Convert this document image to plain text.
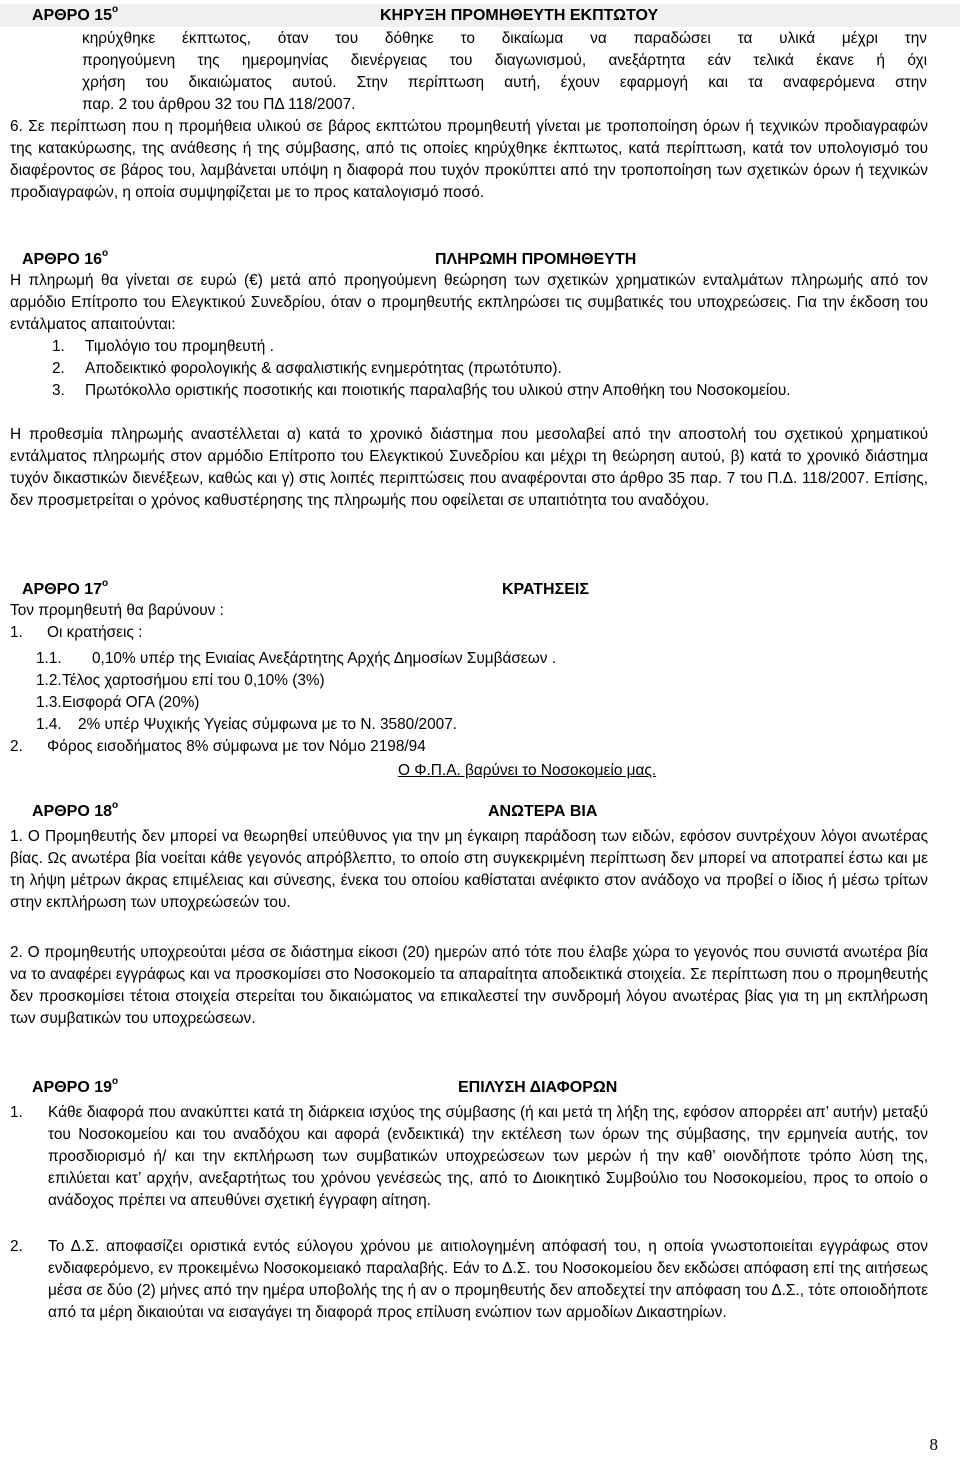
ΑΡΘΡΟ $15^o$	ΚΗΡΥΞΗ ΠΡΟΜΗΘΕΥΤΗ ΕΚΠΤΩΤΟΥ

κηρύχθηκε έκπτωτος, όταν του δόθηκε το δικαίωμα να παραδώσει τα υλικά μέχρι την

προηγούμενη της ημερομηνίας διενέργειας του διαγωνισμού, ανεξάρτητα εάν τελικά έκανε ή όχι

χρήση του δικαιώματος αυτού. Στην περίπτωση αυτή, έχουν εφαρμογή και τα αναφερόμενα στην

παρ. 2 του άρθρου 32 του ΠΔ 118/2007.

6. Σε περίπτωση που η προμήθεια υλικού σε βάρος εκπτώτου προμηθευτή γίνεται με τροποποίηση όρων ή τεχνικών προδιαγραφών της κατακύρωσης, της ανάθεσης ή της σύμβασης, από τις οποίες κηρύχθηκε έκπτωτος, κατά περίπτωση, κατά τον υπολογισμό του διαφέροντος σε βάρος του, λαμβάνεται υπόψη η διαφορά που τυχόν προκύπτει από την τροποποίηση των σχετικών όρων ή τεχνικών προδιαγραφών, η οποία συμψηφίζεται με το προς καταλογισμό ποσό.
ΑΡΘΡΟ $16^o$	ΠΛΗΡΩΜΗ ΠΡΟΜΗΘΕΥΤΗ
Η πληρωμή θα γίνεται σε ευρώ (€) μετά από προηγούμενη θεώρηση των σχετικών χρηματικών ενταλμάτων πληρωμής από τον αρμόδιο Επίτροπο του Ελεγκτικού Συνεδρίου, όταν ο προμηθευτής εκπληρώσει τις συμβατικές του υποχρεώσεις. Για την έκδοση του εντάλματος απαιτούνται:
1. Τιμολόγιο του προμηθευτή .
2. Αποδεικτικό φορολογικής & ασφαλιστικής ενημερότητας (πρωτότυπο).
3. Πρωτόκολλο οριστικής ποσοτικής και ποιοτικής παραλαβής του υλικού στην Αποθήκη του Νοσοκομείου.
Η προθεσμία πληρωμής αναστέλλεται α) κατά το χρονικό διάστημα που μεσολαβεί από την αποστολή του σχετικού χρηματικού εντάλματος πληρωμής στον αρμόδιο Επίτροπο του Ελεγκτικού Συνεδρίου και μέχρι τη θεώρηση αυτού, β) κατά το χρονικό διάστημα τυχόν δικαστικών διενέξεων, καθώς και γ) στις λοιπές περιπτώσεις που αναφέρονται στο άρθρο 35 παρ. 7 του Π.Δ. 118/2007. Επίσης, δεν προσμετρείται ο χρόνος καθυστέρησης της πληρωμής που οφείλεται σε υπαιτιότητα του αναδόχου.
ΑΡΘΡΟ $17^o$	ΚΡΑΤΗΣΕΙΣ
Τον προμηθευτή θα βαρύνουν :
1. Οι κρατήσεις :
1.1. 0,10% υπέρ της Ενιαίας Ανεξάρτητης Αρχής Δημοσίων Συμβάσεων .
1.2. Τέλος χαρτοσήμου επί του 0,10% (3%)
1.3. Εισφορά ΟΓΑ (20%)
1.4. 2% υπέρ Ψυχικής Υγείας σύμφωνα με το Ν. 3580/2007.
2. Φόρος εισοδήματος 8% σύμφωνα με τον Νόμο 2198/94
Ο Φ.Π.Α. βαρύνει το Νοσοκομείο μας.
ΑΡΘΡΟ $18^o$	ΑΝΩΤΕΡΑ ΒΙΑ
1. Ο Προμηθευτής δεν μπορεί να θεωρηθεί υπεύθυνος για την μη έγκαιρη παράδοση των ειδών, εφόσον συντρέχουν λόγοι ανωτέρας βίας. Ως ανωτέρα βία νοείται κάθε γεγονός απρόβλεπτο, το οποίο στη συγκεκριμένη περίπτωση δεν μπορεί να αποτραπεί έστω και με τη λήψη μέτρων άκρας επιμέλειας και σύνεσης, ένεκα του οποίου καθίσταται ανέφικτο στον ανάδοχο να προβεί ο ίδιος ή μέσω τρίτων στην εκπλήρωση των υποχρεώσεών του.
2. Ο προμηθευτής υποχρεούται μέσα σε διάστημα είκοσι (20) ημερών από τότε που έλαβε χώρα το γεγονός που συνιστά ανωτέρα βία να το αναφέρει εγγράφως και να προσκομίσει στο Νοσοκομείο τα απαραίτητα αποδεικτικά στοιχεία. Σε περίπτωση που ο προμηθευτής δεν προσκομίσει τέτοια στοιχεία στερείται του δικαιώματος να επικαλεστεί την συνδρομή λόγου ανωτέρας βίας για τη μη εκπλήρωση των συμβατικών του υποχρεώσεων.
ΑΡΘΡΟ $19^o$	ΕΠΙΛΥΣΗ ΔΙΑΦΟΡΩΝ
1. Κάθε διαφορά που ανακύπτει κατά τη διάρκεια ισχύος της σύμβασης (ή και μετά τη λήξη της, εφόσον απορρέει απ’ αυτήν) μεταξύ του Νοσοκομείου και του αναδόχου και αφορά (ενδεικτικά) την εκτέλεση των όρων της σύμβασης, την ερμηνεία αυτής, τον προσδιορισμό ή/ και την εκπλήρωση των συμβατικών υποχρεώσεων των μερών ή την καθ’ οιονδήποτε τρόπο λύση της, επιλύεται κατ’ αρχήν, ανεξαρτήτως του χρόνου γενέσεώς της, από το Διοικητικό Συμβούλιο του Νοσοκομείου, προς το οποίο ο ανάδοχος πρέπει να απευθύνει σχετική έγγραφη αίτηση.
2. Το Δ.Σ. αποφασίζει οριστικά εντός εύλογου χρόνου με αιτιολογημένη απόφασή του, η οποία γνωστοποιείται εγγράφως στον ενδιαφερόμενο, εν προκειμένω Νοσοκομειακό παραλαβής. Εάν το Δ.Σ. του Νοσοκομείου δεν εκδώσει απόφαση επί της αιτήσεως μέσα σε δύο (2) μήνες από την ημέρα υποβολής της ή αν ο προμηθευτής δεν αποδεχτεί την απόφαση του Δ.Σ., τότε οποιοδήποτε από τα μέρη δικαιούται να εισαγάγει τη διαφορά προς επίλυση ενώπιον των αρμοδίων Δικαστηρίων.
8
